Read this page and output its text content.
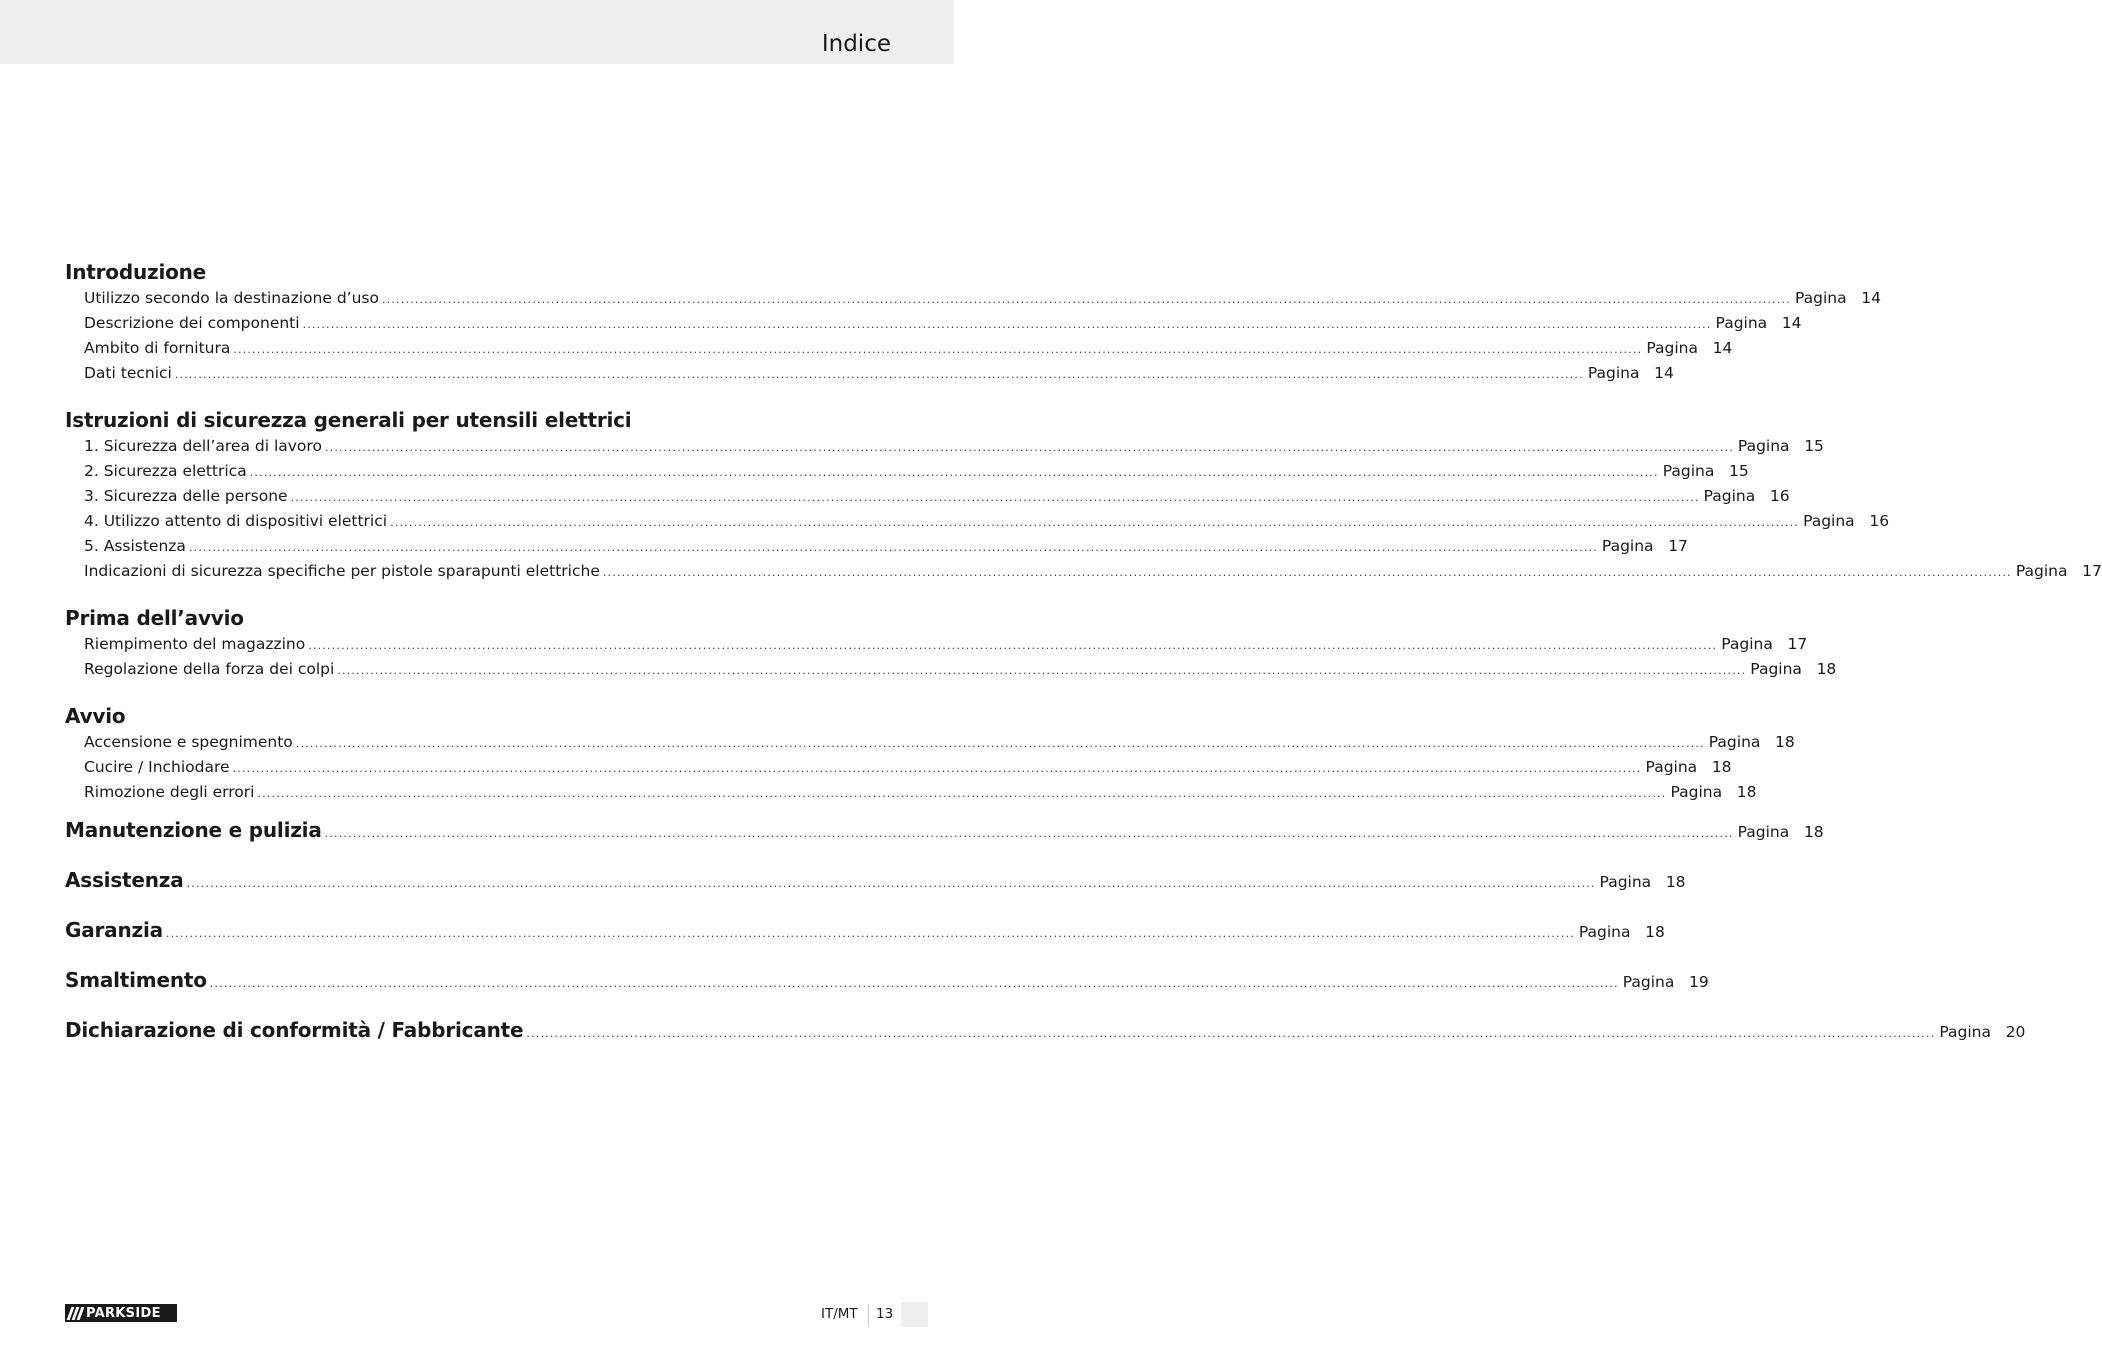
Indice
Introduzione
Utilizzo secondo la destinazione d’uso ............................................................................................................................................................................................................................................................................................................ Pagina 14
Descrizione dei componenti ............................................................................................................................................................................................................................................................................................................ Pagina 14
Ambito di fornitura ............................................................................................................................................................................................................................................................................................................ Pagina 14
Dati tecnici ............................................................................................................................................................................................................................................................................................................ Pagina 14
Istruzioni di sicurezza generali per utensili elettrici
1. Sicurezza dell’area di lavoro ............................................................................................................................................................................................................................................................................................................ Pagina 15
2. Sicurezza elettrica ............................................................................................................................................................................................................................................................................................................ Pagina 15
3. Sicurezza delle persone ............................................................................................................................................................................................................................................................................................................ Pagina 16
4. Utilizzo attento di dispositivi elettrici ............................................................................................................................................................................................................................................................................................................ Pagina 16
5. Assistenza ............................................................................................................................................................................................................................................................................................................ Pagina 17
Indicazioni di sicurezza specifiche per pistole sparapunti elettriche ............................................................................................................................................................................................................................................................................................................ Pagina 17
Prima dell’avvio
Riempimento del magazzino ............................................................................................................................................................................................................................................................................................................ Pagina 17
Regolazione della forza dei colpi ............................................................................................................................................................................................................................................................................................................ Pagina 18
Avvio
Accensione e spegnimento ............................................................................................................................................................................................................................................................................................................ Pagina 18
Cucire / Inchiodare ............................................................................................................................................................................................................................................................................................................ Pagina 18
Rimozione degli errori ............................................................................................................................................................................................................................................................................................................ Pagina 18
Manutenzione e pulizia ............................................................................................................................................................................................................................................................................................................ Pagina 18
Assistenza ............................................................................................................................................................................................................................................................................................................ Pagina 18
Garanzia ............................................................................................................................................................................................................................................................................................................ Pagina 18
Smaltimento ............................................................................................................................................................................................................................................................................................................ Pagina 19
Dichiarazione di conformità / Fabbricante ............................................................................................................................................................................................................................................................................................................ Pagina 20
PARKSIDE	IT/MT 13
